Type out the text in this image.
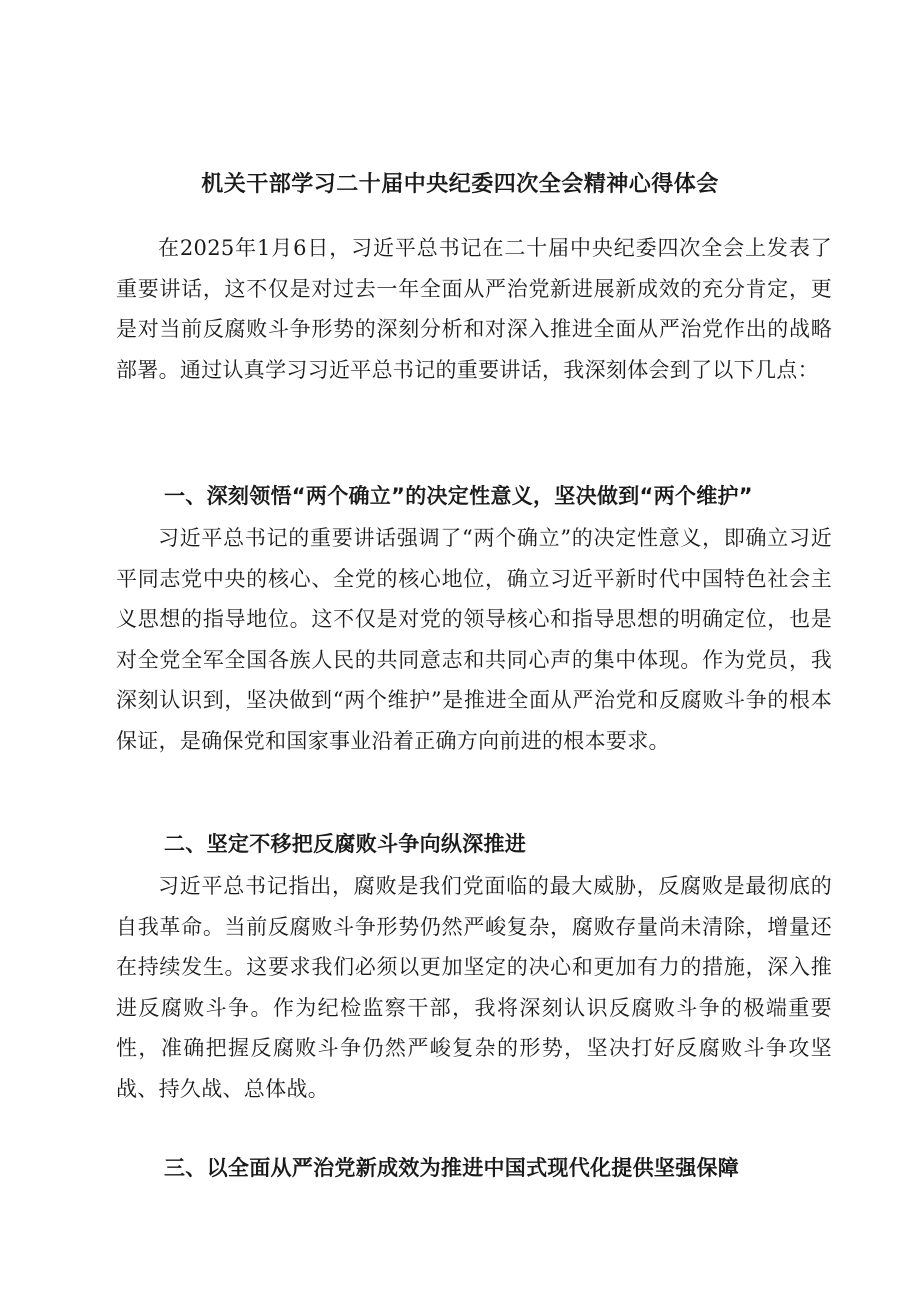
机关干部学习二十届中央纪委四次全会精神心得体会

在2025年1月6日，习近平总书记在二十届中央纪委四次全会上发表了重要讲话，这不仅是对过去一年全面从严治党新进展新成效的充分肯定，更是对当前反腐败斗争形势的深刻分析和对深入推进全面从严治党作出的战略部署。通过认真学习习近平总书记的重要讲话，我深刻体会到了以下几点：

一、深刻领悟“两个确立”的决定性意义，坚决做到“两个维护”

习近平总书记的重要讲话强调了“两个确立”的决定性意义，即确立习近平同志党中央的核心、全党的核心地位，确立习近平新时代中国特色社会主义思想的指导地位。这不仅是对党的领导核心和指导思想的明确定位，也是对全党全军全国各族人民的共同意志和共同心声的集中体现。作为党员，我深刻认识到，坚决做到“两个维护”是推进全面从严治党和反腐败斗争的根本保证，是确保党和国家事业沿着正确方向前进的根本要求。

二、坚定不移把反腐败斗争向纵深推进

习近平总书记指出，腐败是我们党面临的最大威胁，反腐败是最彻底的自我革命。当前反腐败斗争形势仍然严峻复杂，腐败存量尚未清除，增量还在持续发生。这要求我们必须以更加坚定的决心和更加有力的措施，深入推进反腐败斗争。作为纪检监察干部，我将深刻认识反腐败斗争的极端重要性，准确把握反腐败斗争仍然严峻复杂的形势，坚决打好反腐败斗争攻坚战、持久战、总体战。

三、以全面从严治党新成效为推进中国式现代化提供坚强保障
